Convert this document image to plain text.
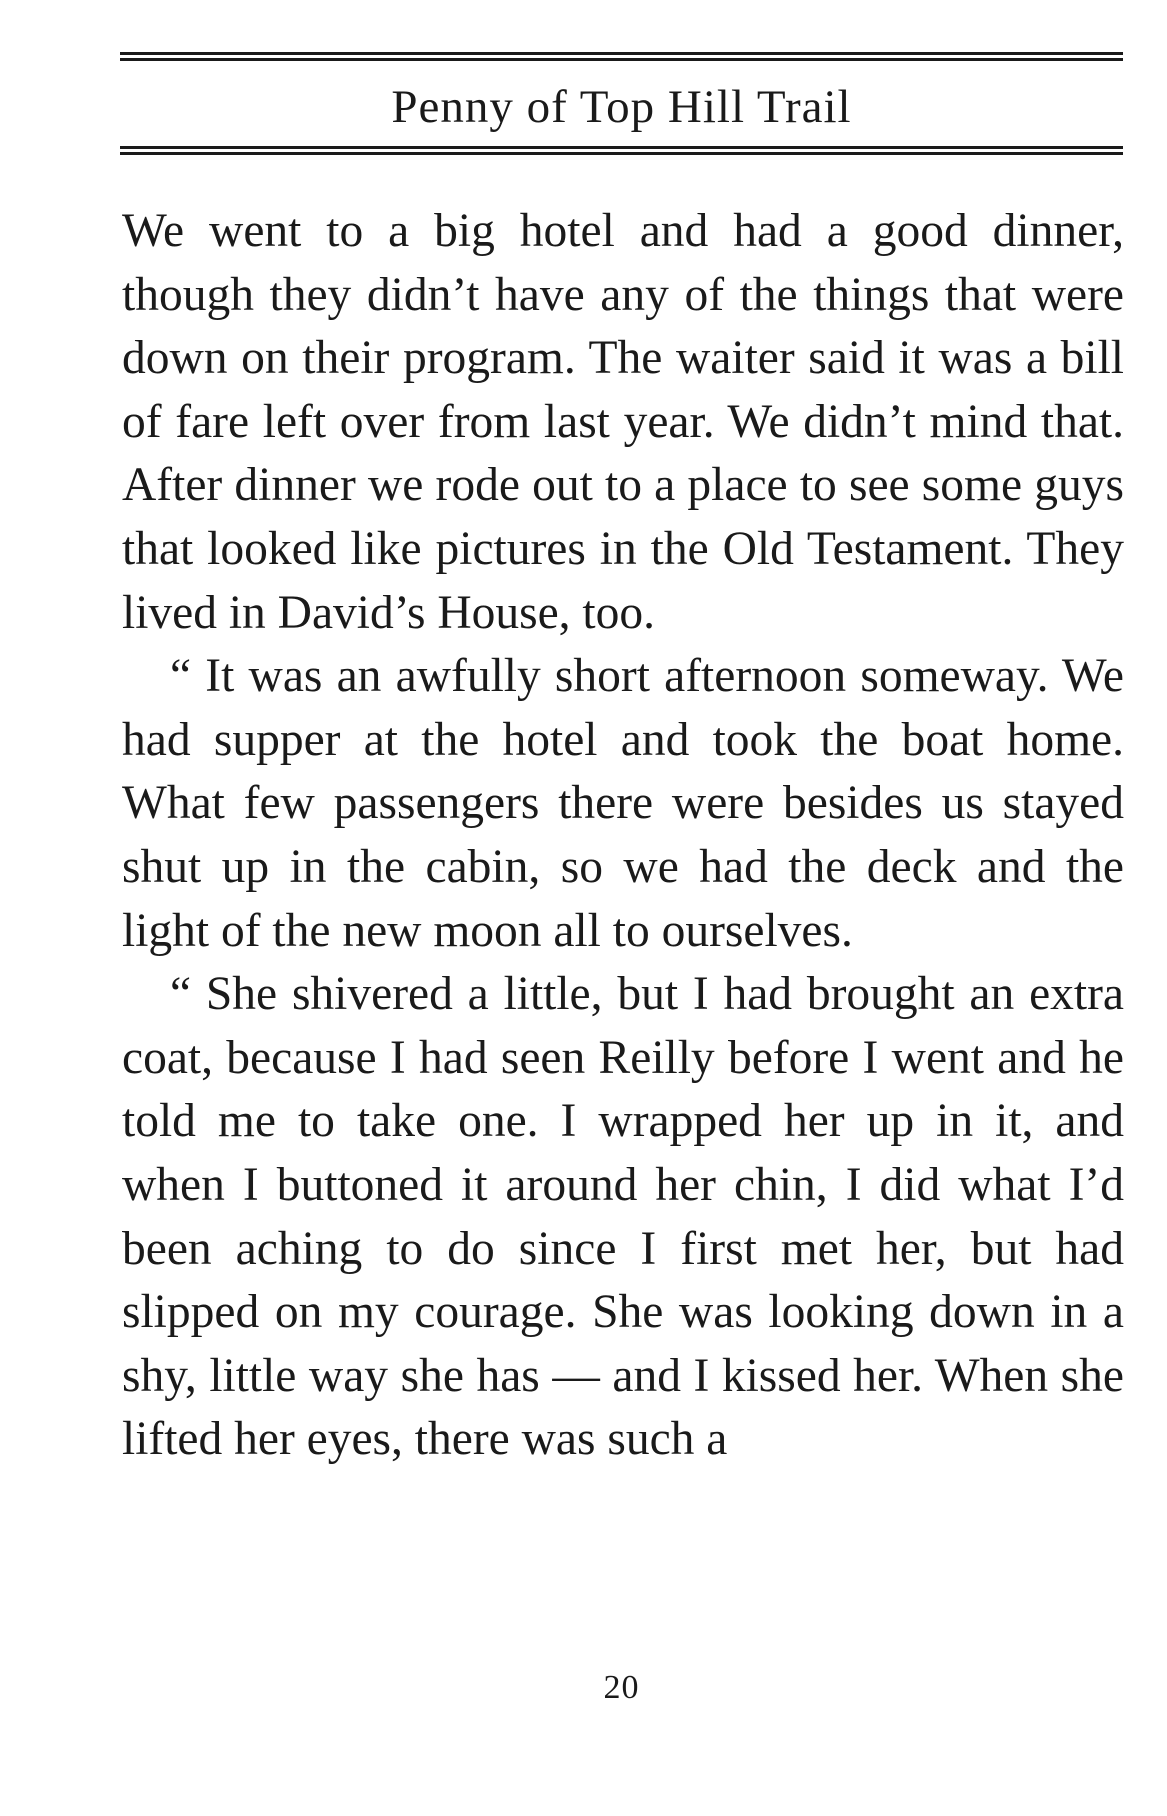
Penny of Top Hill Trail

We went to a big hotel and had a good dinner, though they didn’t have any of the things that were down on their program. The waiter said it was a bill of fare left over from last year. We didn’t mind that. After dinner we rode out to a place to see some guys that looked like pictures in the Old Testament. They lived in David’s House, too.

“ It was an awfully short afternoon someway. We had supper at the hotel and took the boat home. What few passengers there were besides us stayed shut up in the cabin, so we had the deck and the light of the new moon all to ourselves.

“ She shivered a little, but I had brought an extra coat, because I had seen Reilly before I went and he told me to take one. I wrapped her up in it, and when I buttoned it around her chin, I did what I’d been aching to do since I first met her, but had slipped on my courage. She was looking down in a shy, little way she has — and I kissed her. When she lifted her eyes, there was such a

20
